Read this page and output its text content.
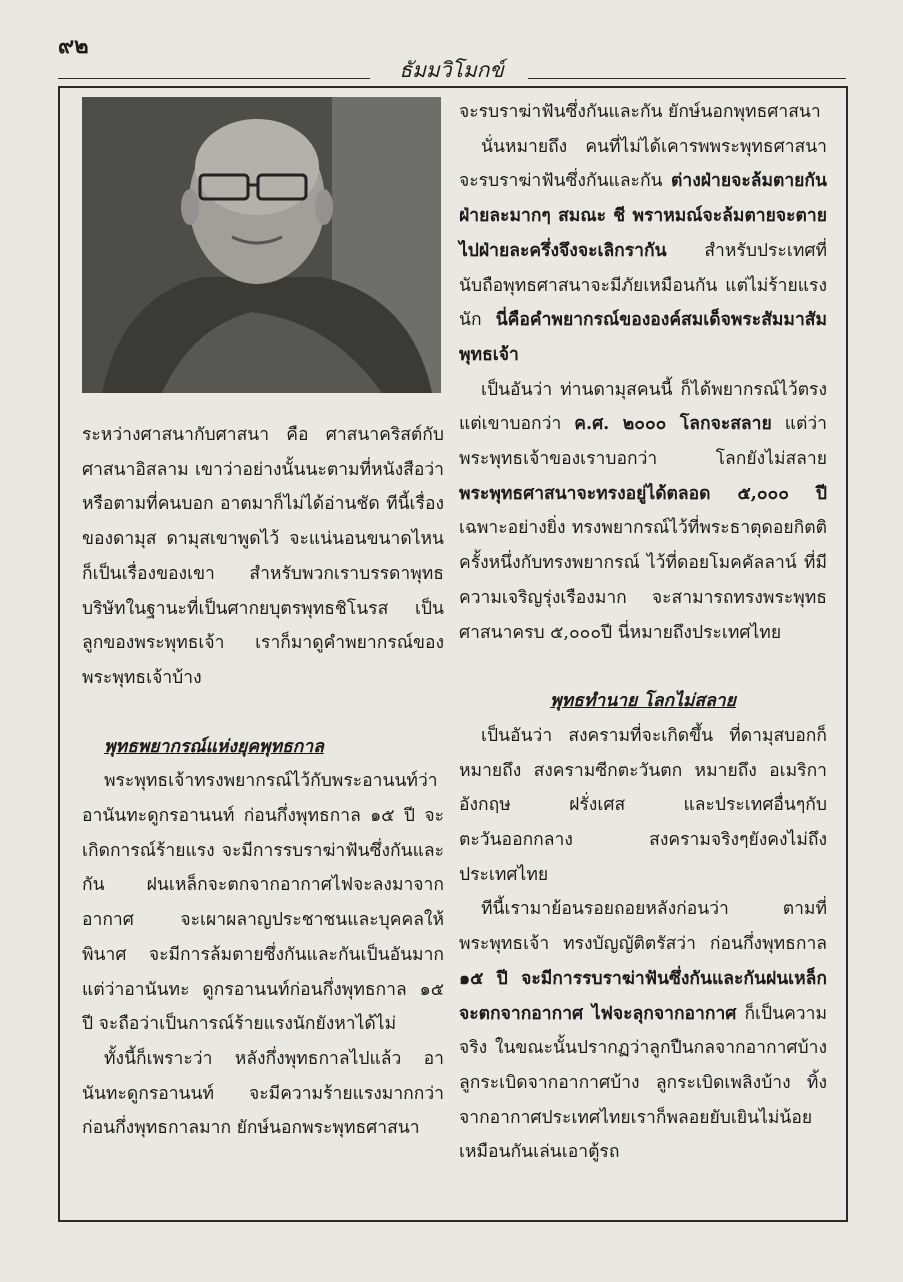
๙๒
ธัมมวิโมกข์

ระหว่างศาสนากับศาสนา คือ ศาสนาคริสต์กับศาสนาอิสลาม เขาว่าอย่างนั้นนะตามที่หนังสือว่า หรือตามที่คนบอก อาตมาก็ไม่ได้อ่านชัด ทีนี้เรื่องของดามุส ดามุสเขาพูดไว้ จะแน่นอนขนาดไหนก็เป็นเรื่องของเขา สำหรับพวกเราบรรดาพุทธบริษัทในฐานะที่เป็นศากยบุตรพุทธชิโนรส เป็นลูกของพระพุทธเจ้า เราก็มาดูคำพยากรณ์ของพระพุทธเจ้าบ้าง

พุทธพยากรณ์แห่งยุคพุทธกาล

พระพุทธเจ้าทรงพยากรณ์ไว้กับพระอานนท์ว่า อานันทะดูกรอานนท์ ก่อนกึ่งพุทธกาล ๑๕ ปี จะเกิดการณ์ร้ายแรง จะมีการรบราฆ่าฟันซึ่งกันและกัน ฝนเหล็กจะตกจากอากาศไฟจะลงมาจากอากาศ จะเผาผลาญประชาชนและบุคคลให้พินาศ จะมีการล้มตายซึ่งกันและกันเป็นอันมาก แต่ว่าอานันทะ ดูกรอานนท์ก่อนกึ่งพุทธกาล ๑๕ ปี จะถือว่าเป็นการณ์ร้ายแรงนักยังหาได้ไม่

ทั้งนี้ก็เพราะว่า หลังกึ่งพุทธกาลไปแล้ว อานันทะดูกรอานนท์ จะมีความร้ายแรงมากกว่าก่อนกึ่งพุทธกาลมาก ยักษ์นอกพระพุทธศาสนา

จะรบราฆ่าฟันซึ่งกันและกัน ยักษ์นอกพุทธศาสนา

นั่นหมายถึง คนที่ไม่ได้เคารพพระพุทธศาสนา จะรบราฆ่าฟันซึ่งกันและกัน ต่างฝ่ายจะล้มตายกันฝ่ายละมากๆ สมณะ ชี พราหมณ์จะล้มตายจะตายไปฝ่ายละครึ่งจึงจะเลิกรากัน สำหรับประเทศที่นับถือพุทธศาสนาจะมีภัยเหมือนกัน แต่ไม่ร้ายแรงนัก นี่คือคำพยากรณ์ขององค์สมเด็จพระสัมมาสัมพุทธเจ้า

เป็นอันว่า ท่านดามุสคนนี้ ก็ได้พยากรณ์ไว้ตรงแต่เขาบอกว่า ค.ศ. ๒๐๐๐ โลกจะสลาย แต่ว่าพระพุทธเจ้าของเราบอกว่า โลกยังไม่สลาย พระพุทธศาสนาจะทรงอยู่ได้ตลอด ๕,๐๐๐ ปี เฉพาะอย่างยิ่ง ทรงพยากรณ์ไว้ที่พระธาตุดอยกิตติครั้งหนึ่งกับทรงพยากรณ์ ไว้ที่ดอยโมคคัลลาน์ ที่มีความเจริญรุ่งเรืองมาก จะสามารถทรงพระพุทธศาสนาครบ ๕,๐๐๐ปี นี่หมายถึงประเทศไทย

พุทธทำนาย โลกไม่สลาย

เป็นอันว่า สงครามที่จะเกิดขึ้น ที่ดามุสบอกก็หมายถึง สงครามซีกตะวันตก หมายถึง อเมริกา อังกฤษ ฝรั่งเศส และประเทศอื่นๆกับตะวันออกกลาง สงครามจริงๆยังคงไม่ถึงประเทศไทย

ทีนี้เรามาย้อนรอยถอยหลังก่อนว่า ตามที่พระพุทธเจ้า ทรงบัญญัติตรัสว่า ก่อนกึ่งพุทธกาล ๑๕ ปี จะมีการรบราฆ่าฟันซึ่งกันและกันฝนเหล็กจะตกจากอากาศ ไฟจะลุกจากอากาศ ก็เป็นความจริง ในขณะนั้นปรากฏว่าลูกปืนกลจากอากาศบ้าง ลูกระเบิดจากอากาศบ้าง ลูกระเบิดเพลิงบ้าง ทิ้งจากอากาศประเทศไทยเราก็พลอยยับเยินไม่น้อยเหมือนกันเล่นเอาตู้รถ
